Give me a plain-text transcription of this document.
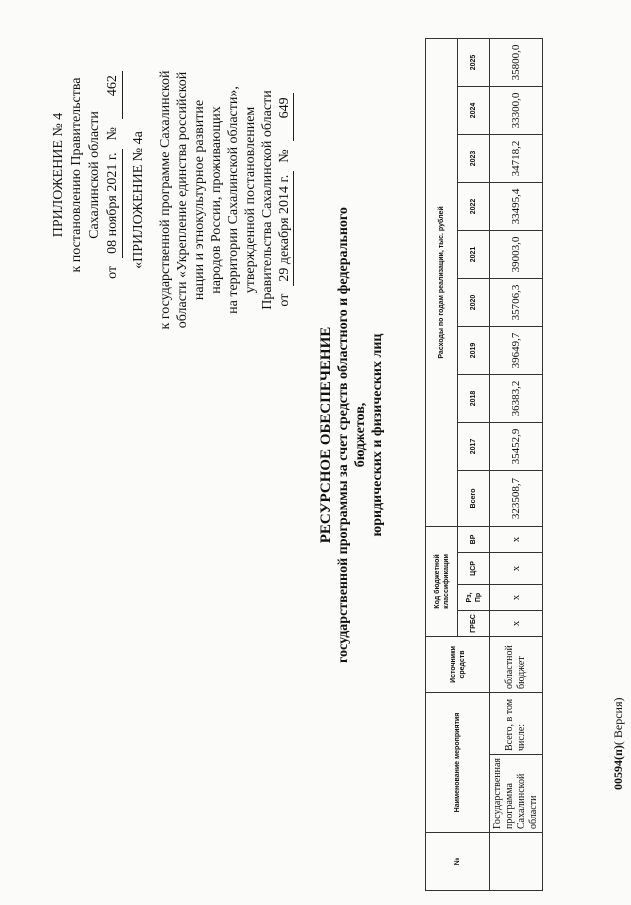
ПРИЛОЖЕНИЕ № 4 к постановлению Правительства Сахалинской области
от
08 ноября 2021 г.
№
462
«ПРИЛОЖЕНИЕ № 4а к государственной программе Сахалинской области «Укрепление единства российской нации и этнокультурное развитие народов России, проживающих на территории Сахалинской области», утвержденной постановлением Правительства Сахалинской области от
29 декабря 2014 г.
№
649
РЕСУРСНОЕ ОБЕСПЕЧЕНИЕ государственной программы за счет средств областного и федерального бюджетов, юридических и физических лиц
№	Наименование мероприятия		Источники средств	Код бюджетной классификации				Расходы по годам реализации, тыс. рублей									
				ГРБС	Рз, Пр	ЦСР	ВР	Всего	2017	2018	2019	2020	2021	2022	2023	2024	2025

	Государственная программа Сахалинской области	Всего, в том числе:	областной бюджет	х	х	х	х	323508,7	35452,9	36383,2	39649,7	35706,3	39003,0	33495,4	34718,2	33300,0	35800,0
00594(п)( Версия)
